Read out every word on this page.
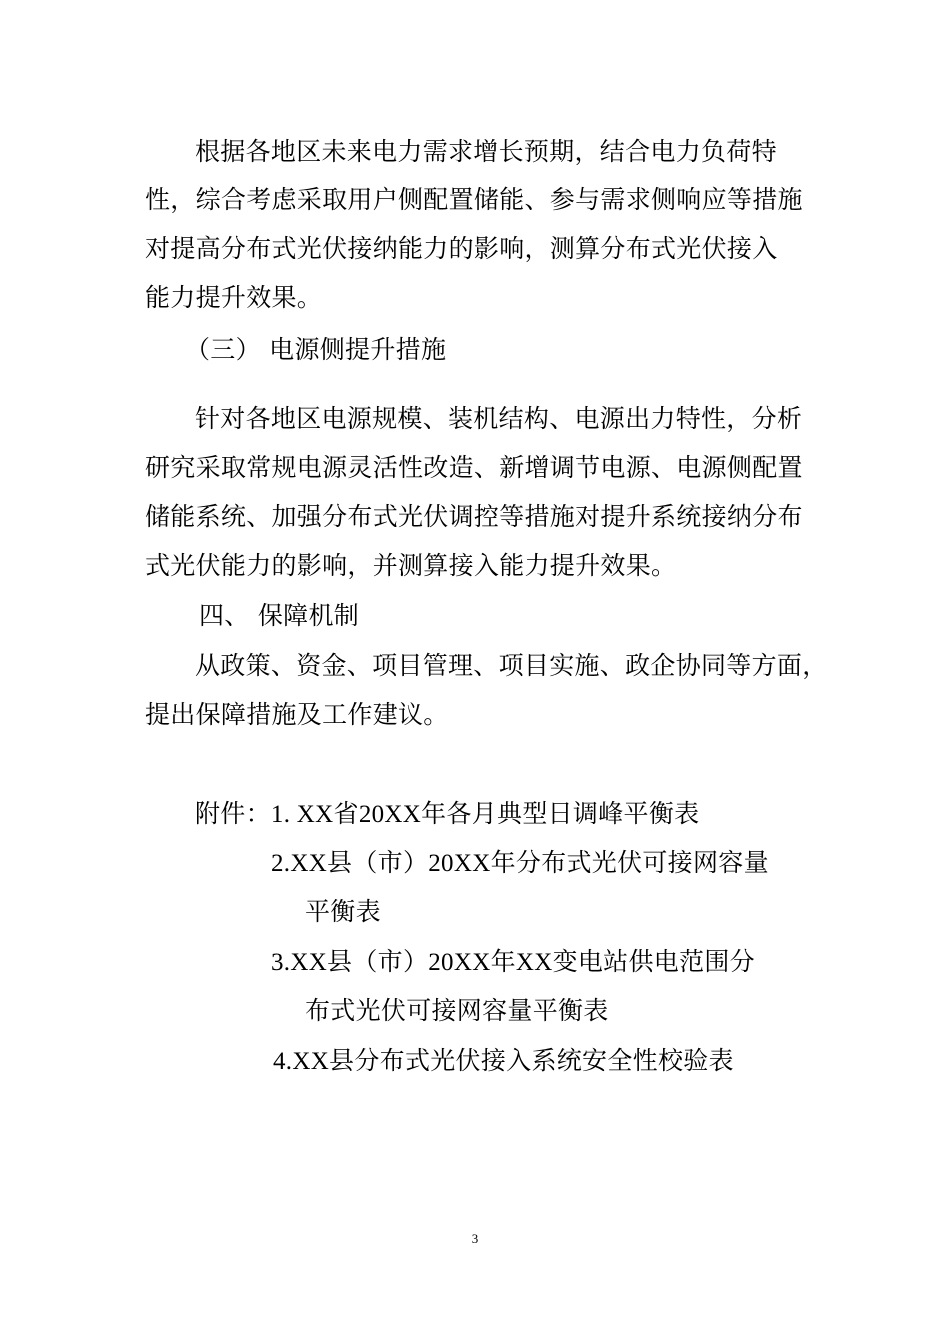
根据各地区未来电力需求增长预期，结合电力负荷特
性，综合考虑采取用户侧配置储能、参与需求侧响应等措施
对提高分布式光伏接纳能力的影响，测算分布式光伏接入
能力提升效果。
（三） 电源侧提升措施
针对各地区电源规模、装机结构、电源出力特性，分析
研究采取常规电源灵活性改造、新增调节电源、电源侧配置
储能系统、加强分布式光伏调控等措施对提升系统接纳分布
式光伏能力的影响，并测算接入能力提升效果。
四、 保障机制
从政策、资金、项目管理、项目实施、政企协同等方面，
提出保障措施及工作建议。
附件：1. XX省20XX年各月典型日调峰平衡表
2.XX县（市）20XX年分布式光伏可接网容量
平衡表
3.XX县（市）20XX年XX变电站供电范围分
布式光伏可接网容量平衡表
4.XX县分布式光伏接入系统安全性校验表
3
